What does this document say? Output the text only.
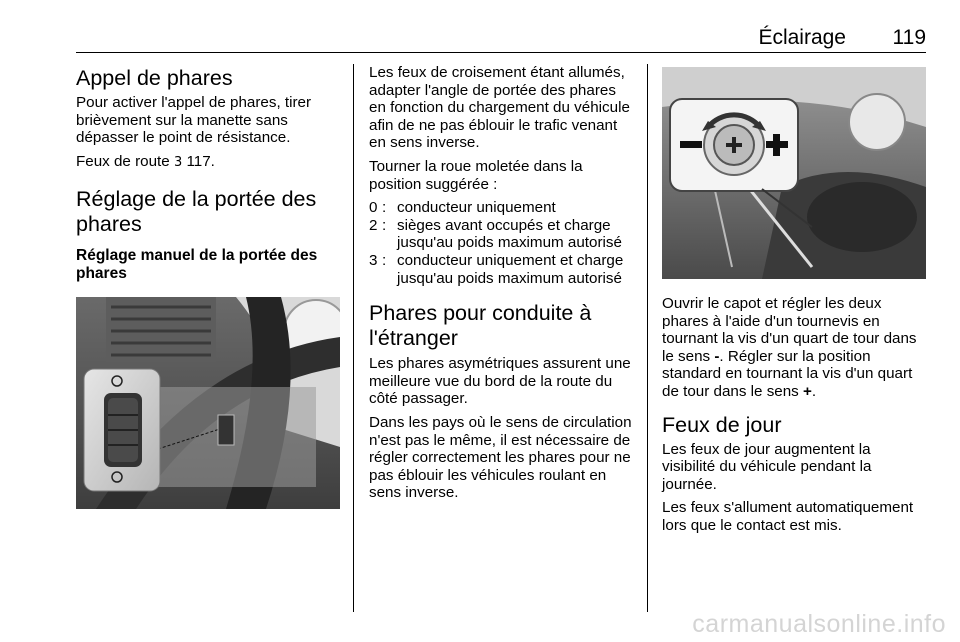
Éclairage 119
Appel de phares

Pour activer l'appel de phares, tirer brièvement sur la manette sans dépasser le point de résistance.

Feux de route 3 117.

Réglage de la portée des phares
Réglage manuel de la portée des phares

Les feux de croisement étant allumés, adapter l'angle de portée des phares en fonction du chargement du véhicule afin de ne pas éblouir le trafic venant en sens inverse.

Tourner la roue moletée dans la position suggérée :

0 : conducteur uniquement
2 : sièges avant occupés et charge jusqu'au poids maximum autorisé
3 : conducteur uniquement et charge jusqu'au poids maximum autorisé
Phares pour conduite à l'étranger

Les phares asymétriques assurent une meilleure vue du bord de la route du côté passager.

Dans les pays où le sens de circulation n'est pas le même, il est nécessaire de régler correctement les phares pour ne pas éblouir les véhicules roulant en sens inverse.

Ouvrir le capot et régler les deux phares à l'aide d'un tournevis en tournant la vis d'un quart de tour dans le sens -. Régler sur la position standard en tournant la vis d'un quart de tour dans le sens +.

Feux de jour

Les feux de jour augmentent la visibilité du véhicule pendant la journée.

Les feux s'allument automatiquement lors que le contact est mis.

carmanualsonline.info
